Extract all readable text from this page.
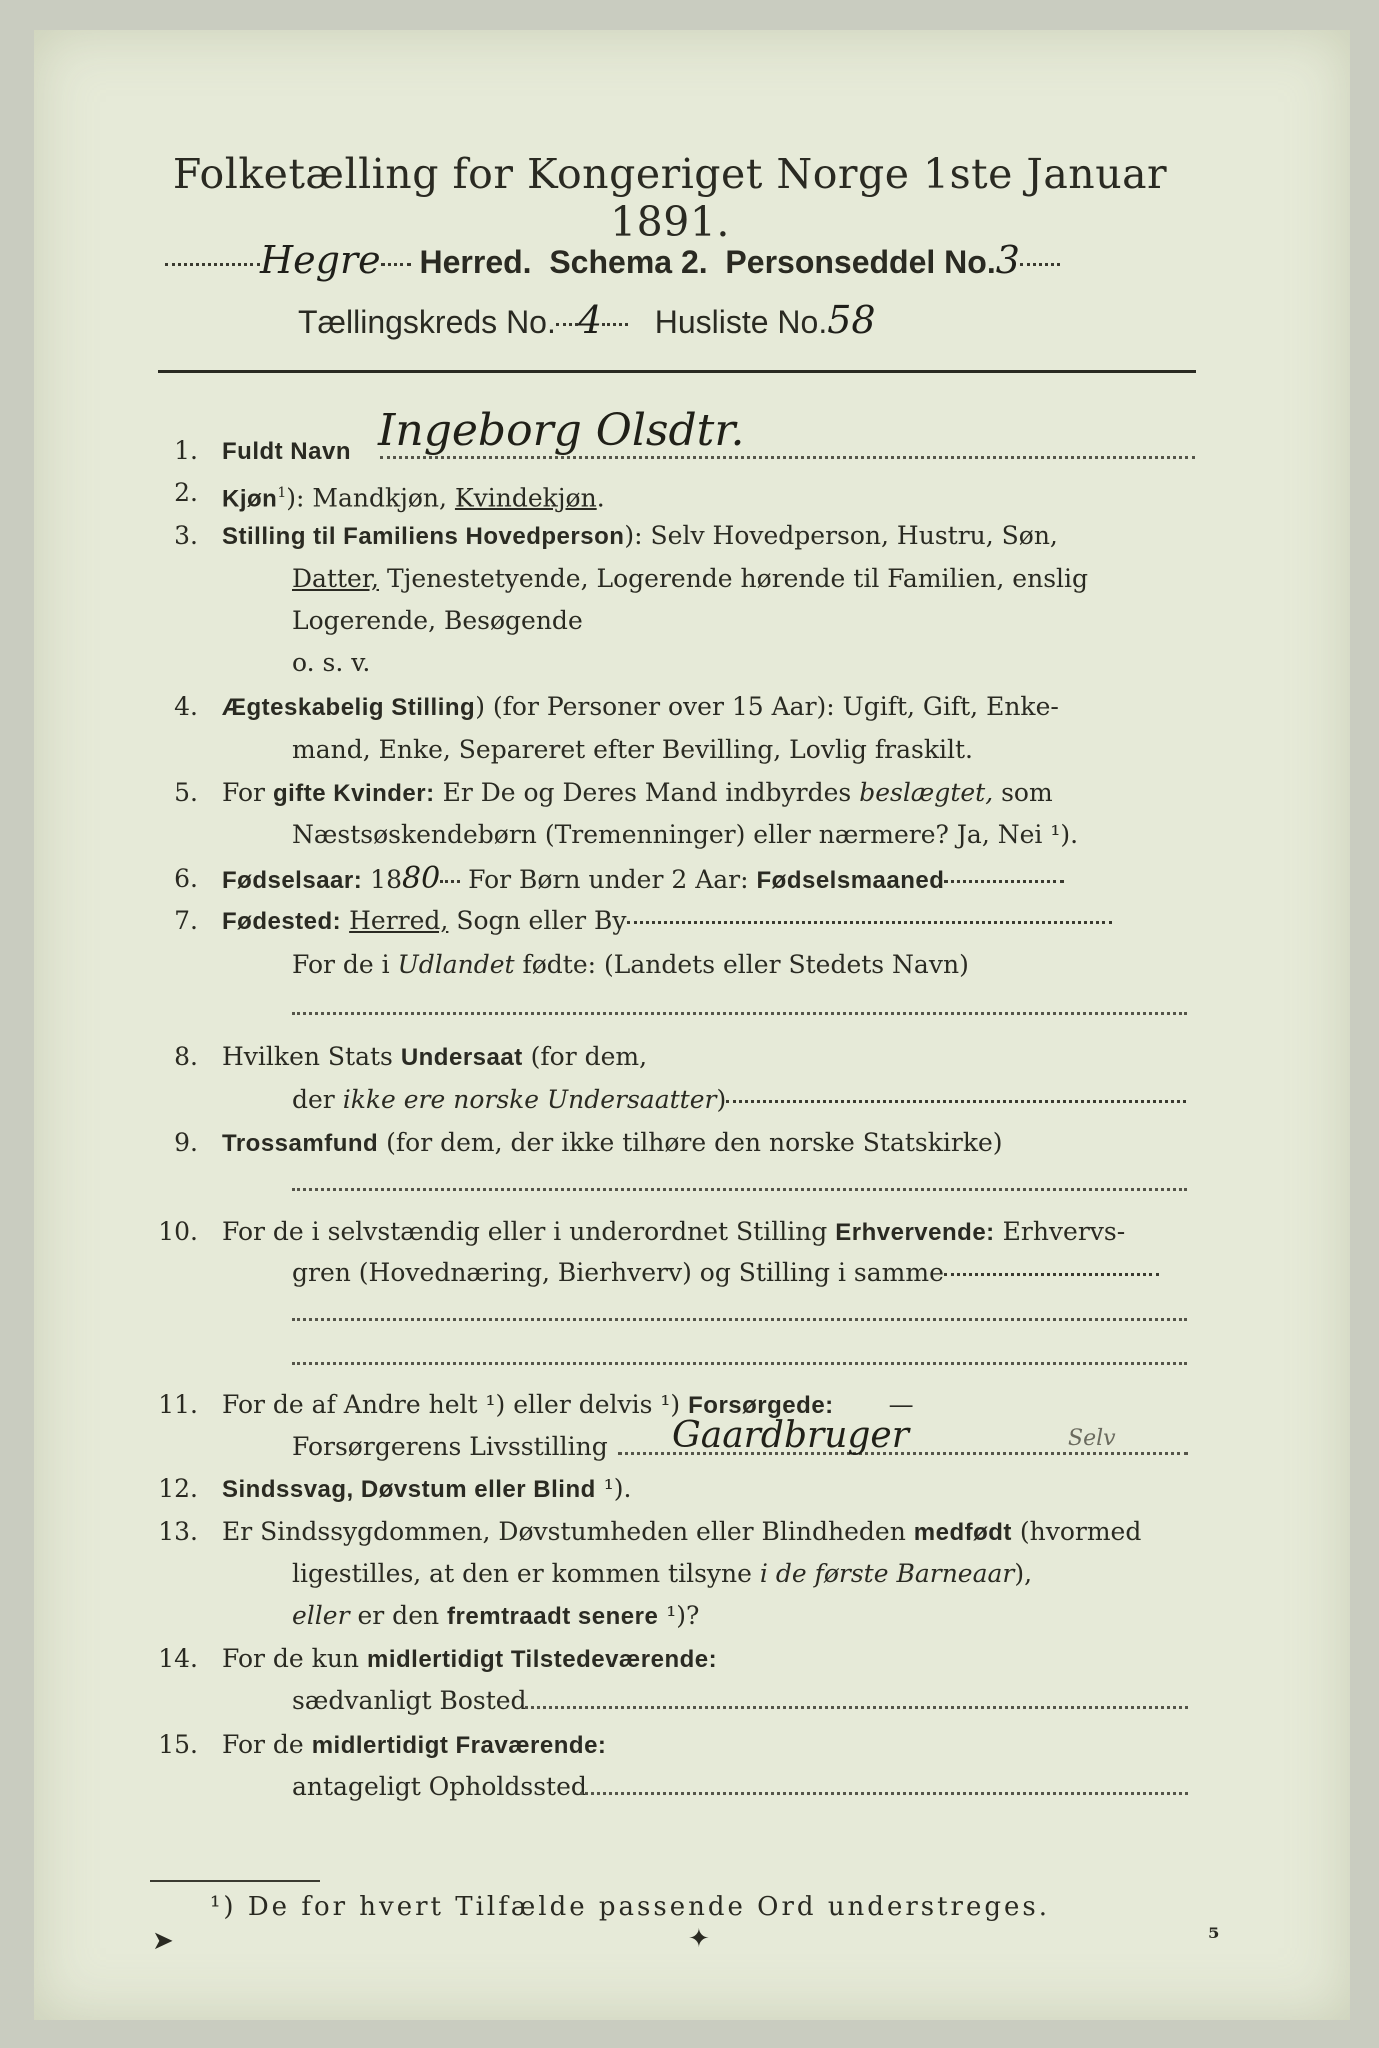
Folketælling for Kongeriget Norge 1ste Januar 1891.
Hegre Herred. Schema 2. Personseddel No.3
Tællingskreds No. 4 Husliste No.58
1. Fuldt Navn Ingeborg Olsdtr.
2. Kjøn$^1$): Mandkjøn, Kvindekjøn.
3. Stilling til Familiens Hovedperson): Selv Hovedperson, Hustru, Søn,
Datter, Tjenestetyende, Logerende hørende til Familien, enslig
Logerende, Besøgende
o. s. v.
4. Ægteskabelig Stilling) (for Personer over 15 Aar): Ugift, Gift, Enke-
mand, Enke, Separeret efter Bevilling, Lovlig fraskilt.
5. For gifte Kvinder: Er De og Deres Mand indbyrdes beslægtet, som
Næstsøskendebørn (Tremenninger) eller nærmere? Ja, Nei ¹).
6. Fødselsaar: 1880 For Børn under 2 Aar: Fødselsmaaned
7. Fødested: Herred, Sogn eller By
For de i Udlandet fødte: (Landets eller Stedets Navn)
8. Hvilken Stats Undersaat (for dem,
der ikke ere norske Undersaatter)
9. Trossamfund (for dem, der ikke tilhøre den norske Statskirke)
10. For de i selvstændig eller i underordnet Stilling Erhvervende: Erhvervs-
gren (Hovednæring, Bierhverv) og Stilling i samme
11. For de af Andre helt ¹) eller delvis ¹) Forsørgede: —
Forsørgerens Livsstilling Gaardbruger	Selv
12. Sindssvag, Døvstum eller Blind ¹).
13. Er Sindssygdommen, Døvstumheden eller Blindheden medfødt (hvormed
ligestilles, at den er kommen tilsyne i de første Barneaar),
eller er den fremtraadt senere ¹)?
14. For de kun midlertidigt Tilstedeværende:
sædvanligt Bosted
15. For de midlertidigt Fraværende:
antageligt Opholdssted
¹) De for hvert Tilfælde passende Ord understreges.
➤	✦	⁵
